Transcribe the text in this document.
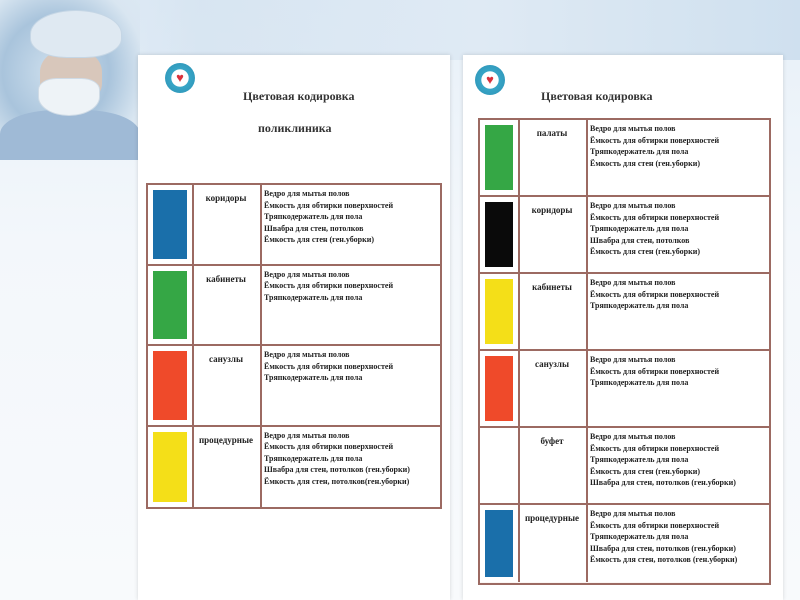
♥
Цветовая кодировка
поликлиника
коридоры	Ведро для мытья полов
Ёмкость для обтирки поверхностей
Тряпкодержатель для пола
Швабра для стен, потолков
Ёмкость для стен (ген.уборки)
кабинеты	Ведро для мытья полов
Ёмкость для обтирки поверхностей
Тряпкодержатель для пола
санузлы	Ведро для мытья полов
Ёмкость для обтирки поверхностей
Тряпкодержатель для пола
процедурные	Ведро для мытья полов
Ёмкость для обтирки поверхностей
Тряпкодержатель для пола
Швабра для стен, потолков (ген.уборки)
Ёмкость для стен, потолков(ген.уборки)
♥
Цветовая кодировка
палаты	Ведро для мытья полов
Ёмкость для обтирки поверхностей
Тряпкодержатель для пола
Ёмкость для стен (ген.уборки)
коридоры	Ведро для мытья полов
Ёмкость для обтирки поверхностей
Тряпкодержатель для пола
Швабра для стен, потолков
Ёмкость для стен (ген.уборки)
кабинеты	Ведро для мытья полов
Ёмкость для обтирки поверхностей
Тряпкодержатель для пола
санузлы	Ведро для мытья полов
Ёмкость для обтирки поверхностей
Тряпкодержатель для пола
буфет	Ведро для мытья полов
Ёмкость для обтирки поверхностей
Тряпкодержатель для пола
Ёмкость для стен (ген.уборки)
Швабра для стен, потолков (ген.уборки)
процедурные	Ведро для мытья полов
Ёмкость для обтирки поверхностей
Тряпкодержатель для пола
Швабра для стен, потолков (ген.уборки)
Ёмкость для стен, потолков (ген.уборки)
